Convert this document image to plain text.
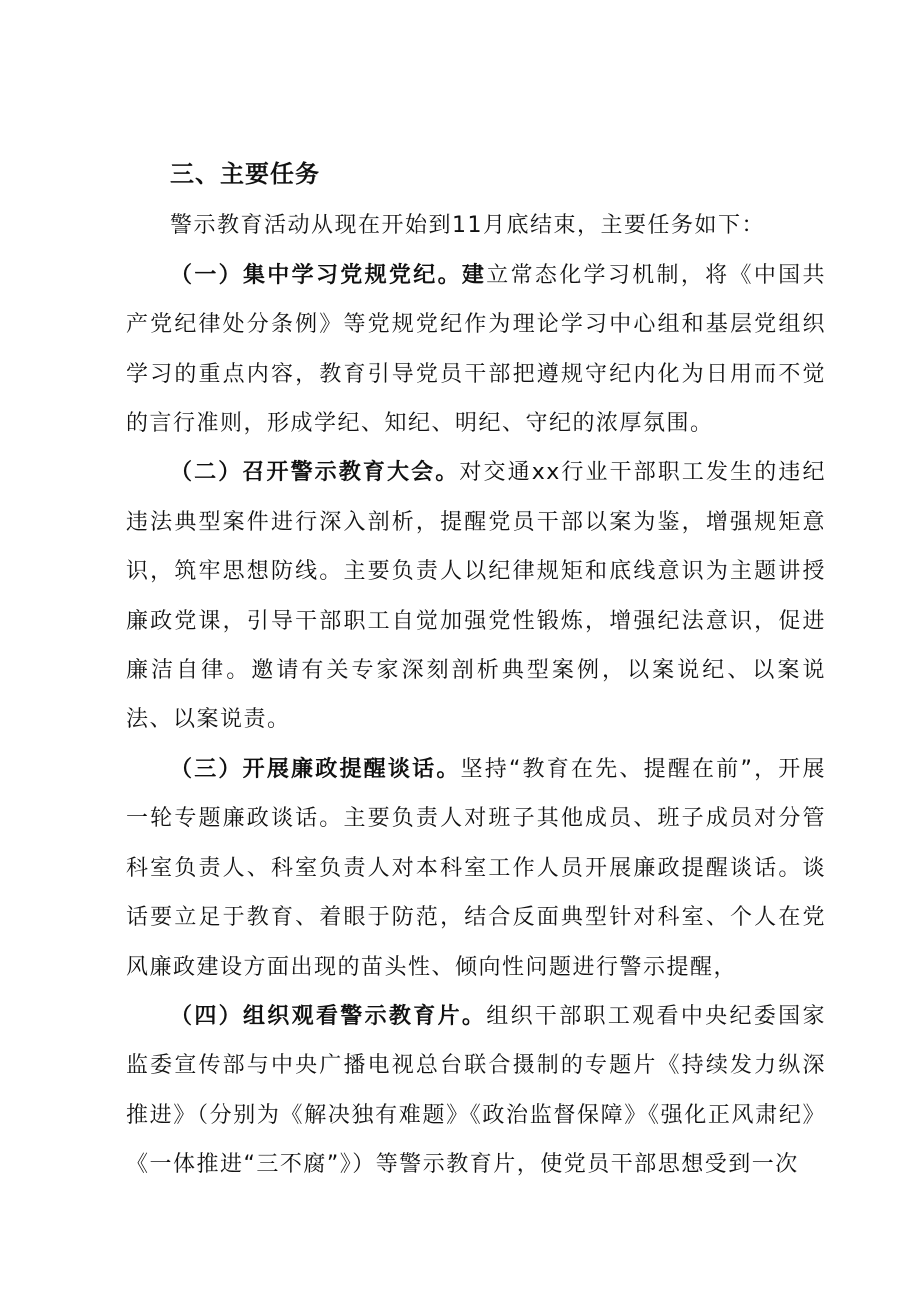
三、主要任务

警示教育活动从现在开始到11月底结束，主要任务如下：

（一）集中学习党规党纪。建立常态化学习机制，将《中国共产党纪律处分条例》等党规党纪作为理论学习中心组和基层党组织学习的重点内容，教育引导党员干部把遵规守纪内化为日用而不觉的言行准则，形成学纪、知纪、明纪、守纪的浓厚氛围。

（二）召开警示教育大会。对交通xx行业干部职工发生的违纪违法典型案件进行深入剖析，提醒党员干部以案为鉴，增强规矩意识，筑牢思想防线。主要负责人以纪律规矩和底线意识为主题讲授廉政党课，引导干部职工自觉加强党性锻炼，增强纪法意识，促进廉洁自律。邀请有关专家深刻剖析典型案例，以案说纪、以案说法、以案说责。

（三）开展廉政提醒谈话。坚持“教育在先、提醒在前”，开展一轮专题廉政谈话。主要负责人对班子其他成员、班子成员对分管科室负责人、科室负责人对本科室工作人员开展廉政提醒谈话。谈话要立足于教育、着眼于防范，结合反面典型针对科室、个人在党风廉政建设方面出现的苗头性、倾向性问题进行警示提醒，

（四）组织观看警示教育片。组织干部职工观看中央纪委国家监委宣传部与中央广播电视总台联合摄制的专题片《持续发力纵深推进》（分别为《解决独有难题》《政治监督保障》《强化正风肃纪》《一体推进“三不腐”》）等警示教育片，使党员干部思想受到一次
